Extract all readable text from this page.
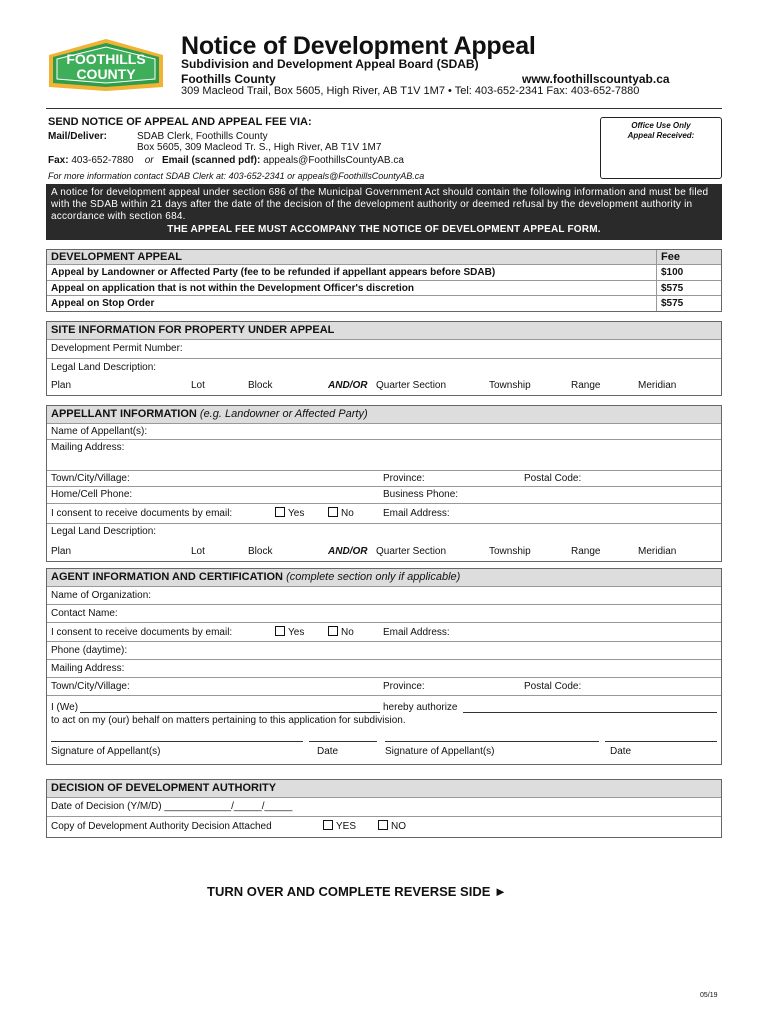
FOOTHILLS
COUNTY
Notice of Development Appeal
Subdivision and Development Appeal Board (SDAB)
Foothills County	www.foothillscountyab.ca
309 Macleod Trail, Box 5605, High River, AB T1V 1M7 • Tel: 403-652-2341 Fax: 403-652-7880
SEND NOTICE OF APPEAL AND APPEAL FEE VIA:
Mail/Deliver:	SDAB Clerk, Foothills County
Box 5605, 309 Macleod Tr. S., High River, AB T1V 1M7
Fax: 403-652-7880 or Email (scanned pdf): appeals@FoothillsCountyAB.ca
For more information contact SDAB Clerk at: 403-652-2341 or appeals@FoothillsCountyAB.ca
Office Use Only
Appeal Received:
A notice for development appeal under section 686 of the Municipal Government Act should contain the following information and must be filed with the SDAB within 21 days after the date of the decision of the development authority or deemed refusal by the development authority in accordance with section 684.
THE APPEAL FEE MUST ACCOMPANY THE NOTICE OF DEVELOPMENT APPEAL FORM.
DEVELOPMENT APPEAL	Fee
Appeal by Landowner or Affected Party (fee to be refunded if appellant appears before SDAB)	$100
Appeal on application that is not within the Development Officer's discretion	$575
Appeal on Stop Order	$575
SITE INFORMATION FOR PROPERTY UNDER APPEAL
Development Permit Number:
Legal Land Description:
Plan	Lot	Block	AND/OR Quarter Section	Township	Range	Meridian
APPELLANT INFORMATION (e.g. Landowner or Affected Party)
Name of Appellant(s):
Mailing Address:
Town/City/Village:	Province:	Postal Code:
Home/Cell Phone:	Business Phone:
I consent to receive documents by email:	Yes	No	Email Address:
Legal Land Description:
Plan	Lot	Block	AND/OR Quarter Section	Township	Range	Meridian
AGENT INFORMATION AND CERTIFICATION (complete section only if applicable)
Name of Organization:
Contact Name:
I consent to receive documents by email:	Yes	No	Email Address:
Phone (daytime):
Mailing Address:
Town/City/Village:	Province:	Postal Code:
I (We)	hereby authorize
to act on my (our) behalf on matters pertaining to this application for subdivision.
Signature of Appellant(s)	Date	Signature of Appellant(s)	Date
DECISION OF DEVELOPMENT AUTHORITY
Date of Decision (Y/M/D) ____________/_____/_____
Copy of Development Authority Decision Attached	YES	NO
TURN OVER AND COMPLETE REVERSE SIDE ►
05/19
